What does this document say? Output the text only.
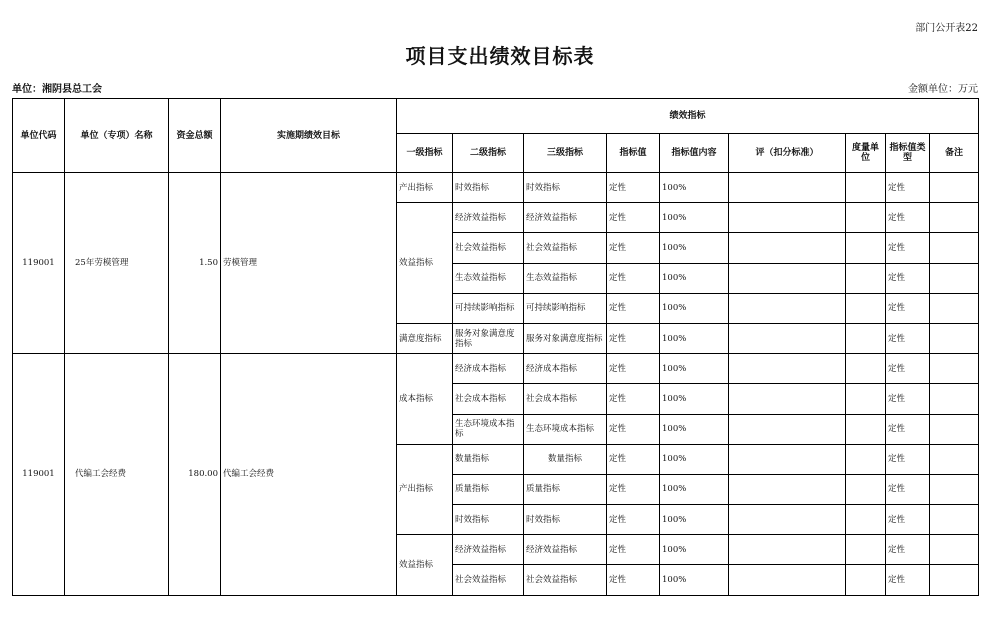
部门公开表22
项目支出绩效目标表
单位：湘阴县总工会	金额单位：万元
单位代码	单位（专项）名称	资金总额	实施期绩效目标	绩效指标								
				一级指标	二级指标	三级指标	指标值	指标值内容	评（扣分标准）	度量单位	指标值类型	备注
119001	25年劳模管理	1.50	劳模管理	产出指标	时效指标	时效指标	定性	100%			定性	
				效益指标	经济效益指标	经济效益指标	定性	100%			定性	
					社会效益指标	社会效益指标	定性	100%			定性	
					生态效益指标	生态效益指标	定性	100%			定性	
					可持续影响指标	可持续影响指标	定性	100%			定性	
				满意度指标	服务对象满意度指标	服务对象满意度指标	定性	100%			定性	
119001	代编工会经费	180.00	代编工会经费	成本指标	经济成本指标	经济成本指标	定性	100%			定性	
					社会成本指标	社会成本指标	定性	100%			定性	
					生态环境成本指标	生态环境成本指标	定性	100%			定性	
				产出指标	数量指标	数量指标	定性	100%			定性	
					质量指标	质量指标	定性	100%			定性	
					时效指标	时效指标	定性	100%			定性	
				效益指标	经济效益指标	经济效益指标	定性	100%			定性	
					社会效益指标	社会效益指标	定性	100%			定性	
